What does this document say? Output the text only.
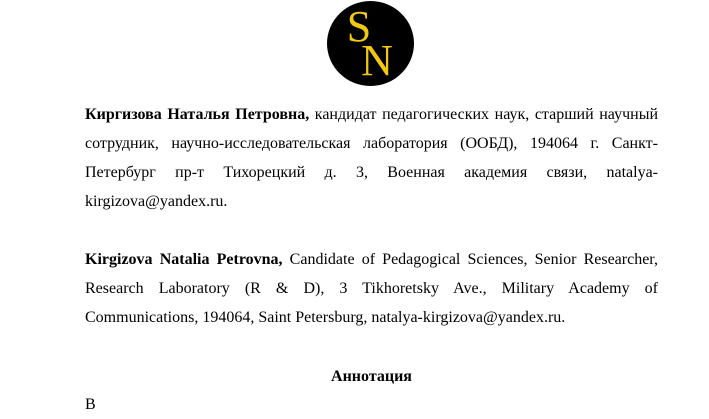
S
N
Киргизова Наталья Петровна, кандидат педагогических наук, старший научный сотрудник, научно-исследовательская лаборатория (ООБД), 194064 г. Санкт-Петербург пр-т Тихорецкий д. 3, Военная академия связи, natalya-kirgizova@yandex.ru.
Kirgizova Natalia Petrovna, Candidate of Pedagogical Sciences, Senior Researcher, Research Laboratory (R & D), 3 Tikhoretsky Ave., Military Academy of Communications, 194064, Saint Petersburg, natalya-kirgizova@yandex.ru.
Аннотация
В
